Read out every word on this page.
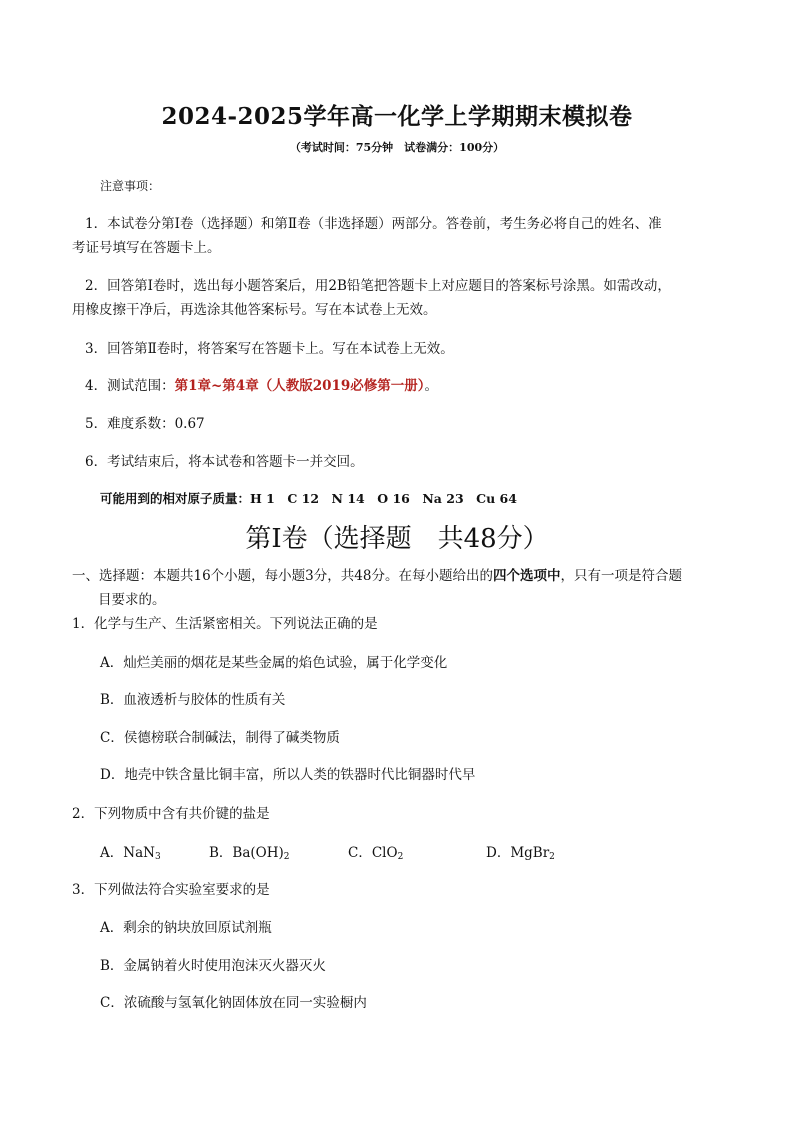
2024-2025学年高一化学上学期期末模拟卷
（考试时间：75分钟　试卷满分：100分）
注意事项：
1．本试卷分第Ⅰ卷（选择题）和第Ⅱ卷（非选择题）两部分。答卷前，考生务必将自己的姓名、准
考证号填写在答题卡上。
2．回答第Ⅰ卷时，选出每小题答案后，用2B铅笔把答题卡上对应题目的答案标号涂黑。如需改动，
用橡皮擦干净后，再选涂其他答案标号。写在本试卷上无效。
3．回答第Ⅱ卷时，将答案写在答题卡上。写在本试卷上无效。
4．测试范围：第1章~第4章（人教版2019必修第一册）。
5．难度系数：0.67
6．考试结束后，将本试卷和答题卡一并交回。
可能用到的相对原子质量：H 1　C 12　N 14　O 16　Na 23　Cu 64
第Ⅰ卷（选择题　共48分）
一、选择题：本题共16个小题，每小题3分，共48分。在每小题给出的四个选项中，只有一项是符合题
目要求的。
1．化学与生产、生活紧密相关。下列说法正确的是
A．灿烂美丽的烟花是某些金属的焰色试验，属于化学变化
B．血液透析与胶体的性质有关
C．侯德榜联合制碱法，制得了碱类物质
D．地壳中铁含量比铜丰富，所以人类的铁器时代比铜器时代早
2．下列物质中含有共价键的盐是
A．NaN$_3$	B．$Ba(OH)_2$	C．ClO$_2$	D．MgBr$_2$
3．下列做法符合实验室要求的是
A．剩余的钠块放回原试剂瓶
B．金属钠着火时使用泡沫灭火器灭火
C．浓硫酸与氢氧化钠固体放在同一实验橱内
